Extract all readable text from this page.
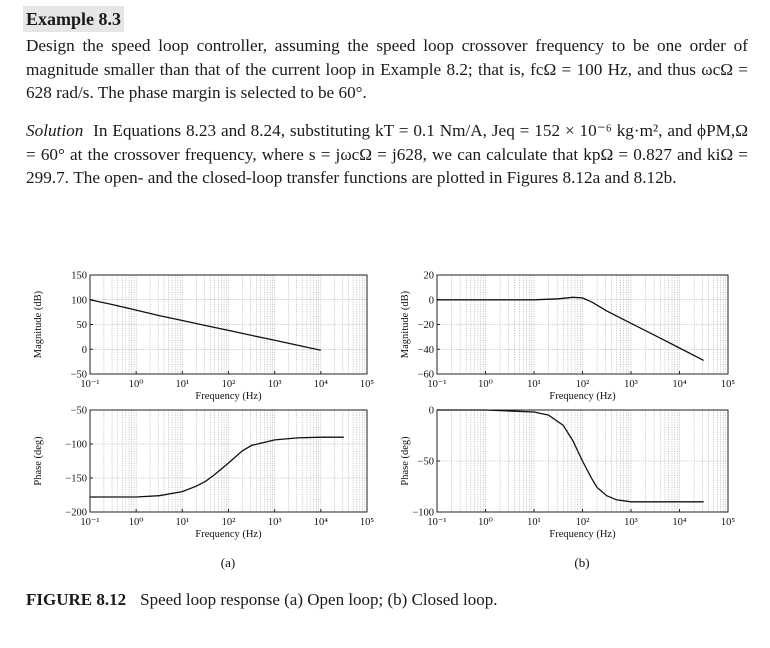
Example 8.3

Design the speed loop controller, assuming the speed loop crossover frequency to be one order of magnitude smaller than that of the current loop in Example 8.2; that is, fcΩ = 100 Hz, and thus ωcΩ = 628 rad/s. The phase margin is selected to be 60°.

Solution In Equations 8.23 and 8.24, substituting kT = 0.1 Nm/A, Jeq = 152 × 10⁻⁶ kg·m², and ϕPM,Ω = 60° at the crossover frequency, where s = jωcΩ = j628, we can calculate that kpΩ = 0.827 and kiΩ = 299.7. The open- and the closed-loop transfer functions are plotted in Figures 8.12a and 8.12b.

10⁻¹	10⁰	10¹	10²	10³	10⁴	10⁵
150
100
50
0
−50
Frequency (Hz)
Magnitude (dB)
10⁻¹	10⁰	10¹	10²	10³	10⁴	10⁵
−50
−100
−150
−200
Frequency (Hz)
Phase (deg)
10⁻¹	10⁰	10¹	10²	10³	10⁴	10⁵
20
0
−20
−40
−60
Frequency (Hz)
Magnitude (dB)
10⁻¹	10⁰	10¹	10²	10³	10⁴	10⁵
0
−50
−100
Frequency (Hz)
Phase (deg)
(a)	(b)
FIGURE 8.12 Speed loop response (a) Open loop; (b) Closed loop.
